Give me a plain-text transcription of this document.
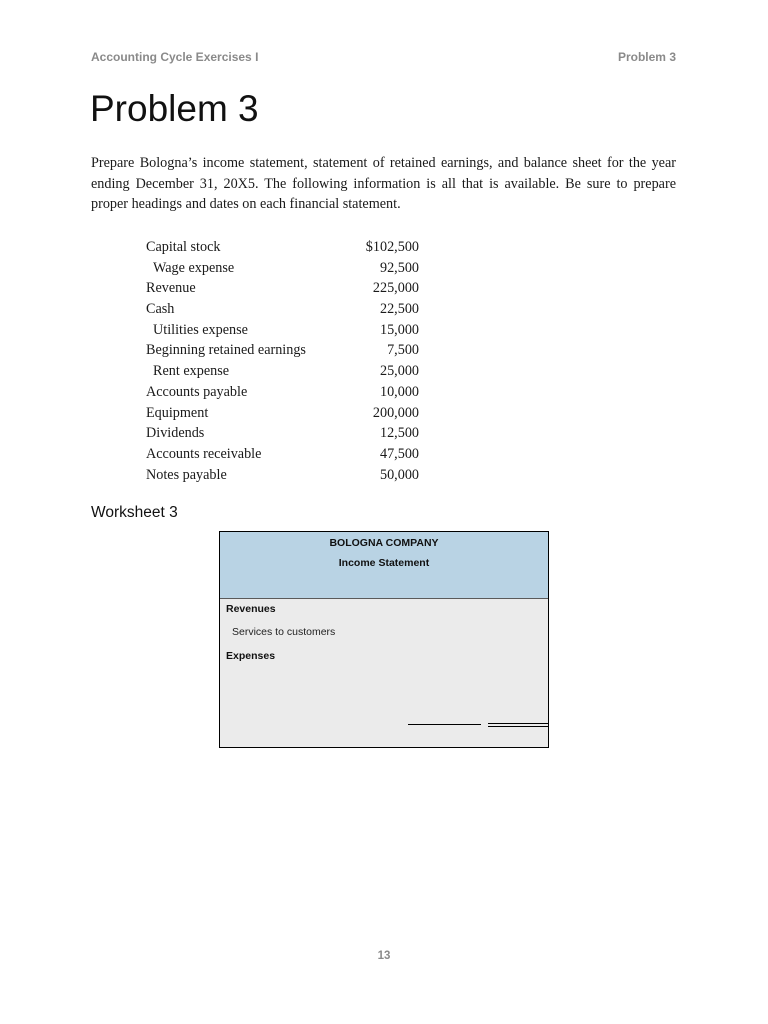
Accounting Cycle Exercises I	Problem 3
Problem 3

Prepare Bologna’s income statement, statement of retained earnings, and balance sheet for the year ending December 31, 20X5. The following information is all that is available. Be sure to prepare proper headings and dates on each financial statement.

Capital stock	$102,500
Wage expense	92,500
Revenue	225,000
Cash	22,500
Utilities expense	15,000
Beginning retained earnings	7,500
Rent expense	25,000
Accounts payable	10,000
Equipment	200,000
Dividends	12,500
Accounts receivable	47,500
Notes payable	50,000
Worksheet 3
BOLOGNA COMPANY
Income Statement
Revenues
Services to customers
Expenses
13
